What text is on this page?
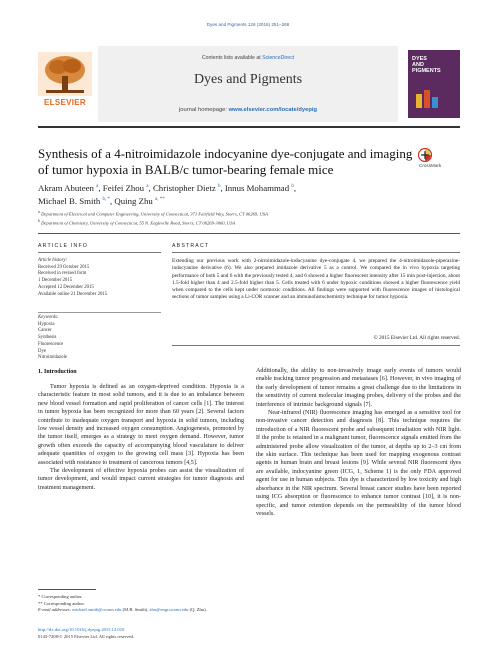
Dyes and Pigments 126 (2016) 251–268
ELSEVIER
Contents lists available at ScienceDirect
Dyes and Pigments
journal homepage: www.elsevier.com/locate/dyepig
DYES
AND
PIGMENTS
Synthesis of a 4-nitroimidazole indocyanine dye-conjugate and imaging of tumor hypoxia in BALB/c tumor-bearing female mice	CrossMark
Akram Abuteen $^a$, Feifei Zhou $^a$, Christopher Dietz $^b$, Innus Mohammad $^b$,
Michael B. Smith $^{b, *}$, Quing Zhu $^{a, **}$
$^a$ Department of Electrical and Computer Engineering, University of Connecticut, 371 Fairfield Way, Storrs, CT 06269, USA
$^b$ Department of Chemistry, University of Connecticut, 55 N. Eagleville Road, Storrs, CT 06269-3060, USA
ARTICLE INFO	ABSTRACT
Article history:
Received 29 October 2015
Received in revised form
1 December 2015
Accepted 12 December 2015
Available online 21 December 2015
Keywords:
Hypoxia
Cancer
Synthesis
Fluorescence
Dye
Nitroimidazole
Extending our previous work with 2-nitroimidazole-indocyanine dye-conjugate 4, we prepared the 4-nitroimidazole-piperazine-indocyanine derivative (6). We also prepared imidazole derivative 5 as a control. We compared the in vivo hypoxia targeting performance of both 5 and 6 with the previously tested 4, and 6 showed a higher fluorescent intensity after 15 min post-injection, about 1.5-fold higher than 4 and 2.5-fold higher than 5. Cells treated with 6 under hypoxic conditions showed a higher fluorescence yield when compared to the cells kept under normoxic conditions. All findings were supported with fluorescence images of histological sections of tumor samples using a Li-COR scanner and an immunohistochemistry technique for tumor hypoxia.
© 2015 Elsevier Ltd. All rights reserved.
1. Introduction

Tumor hypoxia is defined as an oxygen-deprived condition. Hypoxia is a characteristic feature in most solid tumors, and it is due to an imbalance between new blood vessel formation and rapid proliferation of cancer cells [1]. The interest in tumor hypoxia has been recognized for more than 60 years [2]. Several factors contribute to inadequate oxygen transport and hypoxia in solid tumors, including low vessel density and increased oxygen consumption. Angiogenesis, promoted by the tumor itself, emerges as a strategy to meet oxygen demand. However, tumor growth often exceeds the capacity of accompanying blood vasculature to deliver adequate quantities of oxygen to the growing cell mass [3]. Hypoxia has been associated with resistance to treatment of cancerous tumors [4,5].

The development of effective hypoxia probes can assist the visualization of tumor development, and would impact current strategies for tumor diagnosis and treatment management.

Additionally, the ability to non-invasively image early events of tumors would enable tracking tumor progression and metastases [6]. However, in vivo imaging of the early development of tumor remains a great challenge due to the limitations in the sensitivity of current molecular imaging probes, delivery of the probes and the interference of intrinsic background signals [7].

Near-infrared (NIR) fluorescence imaging has emerged as a sensitive tool for non-invasive cancer detection and diagnosis [8]. This technique requires the introduction of a NIR fluorescent probe and subsequent irradiation with NIR light. If the probe is retained in a malignant tumor, fluorescence signals emitted from the administered probe allow visualization of the tumor, at depths up to 2–3 cm from the skin surface. This technique has been used for mapping exogenous contrast agents in human brain and breast lesions [9]. While several NIR fluorescent dyes are available, indocyanine green (ICG, 1, Scheme 1) is the only FDA approved agent for use in human subjects. This dye is characterized by low toxicity and high absorbance in the NIR spectrum. Several breast cancer studies have been reported using ICG absorption or fluorescence to enhance tumor contrast [10], it is non-specific, and tumor retention depends on the permeability of the tumor blood vessels.

* Corresponding author.
** Corresponding author.
E-mail addresses: michael.smith@uconn.edu (M.B. Smith), zhu@engr.uconn.edu (Q. Zhu).
http://dx.doi.org/10.1016/j.dyepig.2015.12.010
0143-7208/© 2015 Elsevier Ltd. All rights reserved.
